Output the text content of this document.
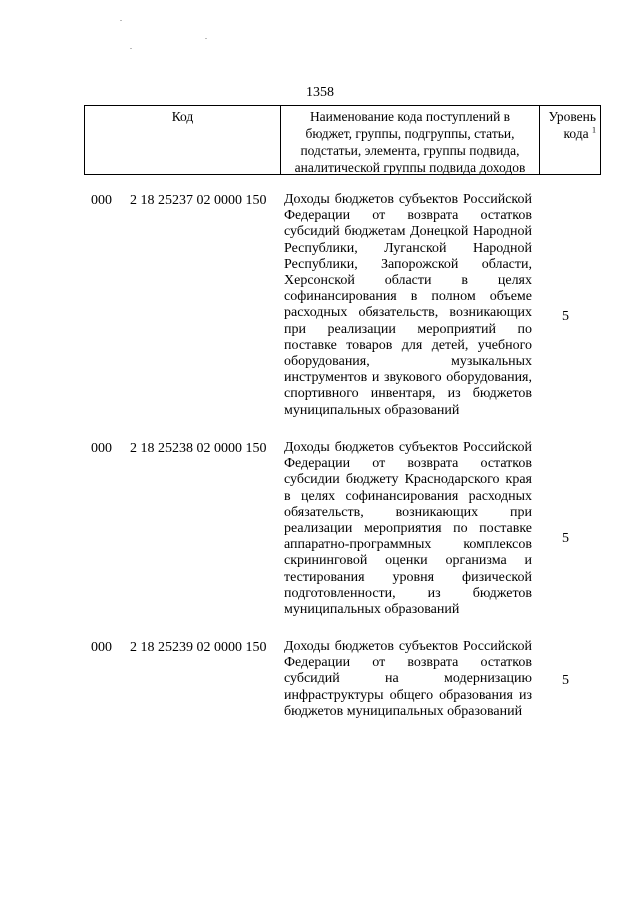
1358
Код	Наименование кода поступлений в
бюджет, группы, подгруппы, статьи,
подстатьи, элемента, группы подвида,
аналитической группы подвида доходов
Уровень
кода $^1$
000 2 18 25237 02 0000 150 Доходы бюджетов субъектов Российской Федерации от возврата остатков субсидий бюджетам Донецкой Народной Республики, Луганской Народной Республики, Запорожской области, Херсонской области в целях софинансирования в полном объеме расходных обязательств, возникающих при реализации мероприятий по поставке товаров для детей, учебного оборудования, музыкальных инструментов и звукового оборудования, спортивного инвентаря, из бюджетов муниципальных образований
5
000 2 18 25238 02 0000 150 Доходы бюджетов субъектов Российской Федерации от возврата остатков субсидии бюджету Краснодарского края в целях софинансирования расходных обязательств, возникающих при реализации мероприятия по поставке аппаратно-программных комплексов скрининговой оценки организма и тестирования уровня физической подготовленности, из бюджетов муниципальных образований
5
000 2 18 25239 02 0000 150 Доходы бюджетов субъектов Российской Федерации от возврата остатков субсидий на модернизацию инфраструктуры общего образования из бюджетов муниципальных образований
5
